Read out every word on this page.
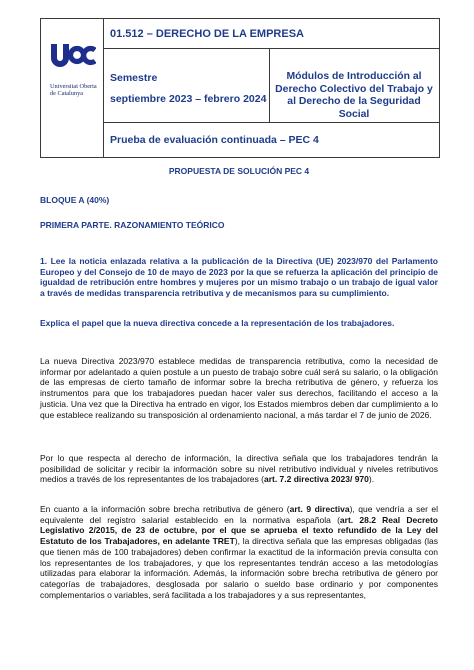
Universitat Oberta de Catalunya
01.512 – DERECHO DE LA EMPRESA
Semestre
septiembre 2023 – febrero 2024
Módulos de Introducción al Derecho Colectivo del Trabajo y al Derecho de la Seguridad Social
Prueba de evaluación continuada – PEC 4
PROPUESTA DE SOLUCIÓN PEC 4
BLOQUE A (40%)
PRIMERA PARTE. RAZONAMIENTO TEÓRICO
1. Lee la noticia enlazada relativa a la publicación de la Directiva (UE) 2023/970 del Parlamento Europeo y del Consejo de 10 de mayo de 2023 por la que se refuerza la aplicación del principio de igualdad de retribución entre hombres y mujeres por un mismo trabajo o un trabajo de igual valor a través de medidas transparencia retributiva y de mecanismos para su cumplimiento.
Explica el papel que la nueva directiva concede a la representación de los trabajadores.
La nueva Directiva 2023/970 establece medidas de transparencia retributiva, como la necesidad de informar por adelantado a quien postule a un puesto de trabajo sobre cuál será su salario, o la obligación de las empresas de cierto tamaño de informar sobre la brecha retributiva de género, y refuerza los instrumentos para que los trabajadores puedan hacer valer sus derechos, facilitando el acceso a la justicia. Una vez que la Directiva ha entrado en vigor, los Estados miembros deben dar cumplimiento a lo que establece realizando su transposición al ordenamiento nacional, a más tardar el 7 de junio de 2026.
Por lo que respecta al derecho de información, la directiva señala que los trabajadores tendrán la posibilidad de solicitar y recibir la información sobre su nivel retributivo individual y niveles retributivos medios a través de los representantes de los trabajadores (art. 7.2 directiva 2023/ 970).
En cuanto a la información sobre brecha retributiva de género (art. 9 directiva), que vendría a ser el equivalente del registro salarial establecido en la normativa española (art. 28.2 Real Decreto Legislativo 2/2015, de 23 de octubre, por el que se aprueba el texto refundido de la Ley del Estatuto de los Trabajadores, en adelante TRET), la directiva señala que las empresas obligadas (las que tienen más de 100 trabajadores) deben confirmar la exactitud de la información previa consulta con los representantes de los trabajadores, y que los representantes tendrán acceso a las metodologías utilizadas para elaborar la información. Además, la información sobre brecha retributiva de género por categorías de trabajadores, desglosada por salario o sueldo base ordinario y por componentes complementarios o variables, será facilitada a los trabajadores y a sus representantes,
